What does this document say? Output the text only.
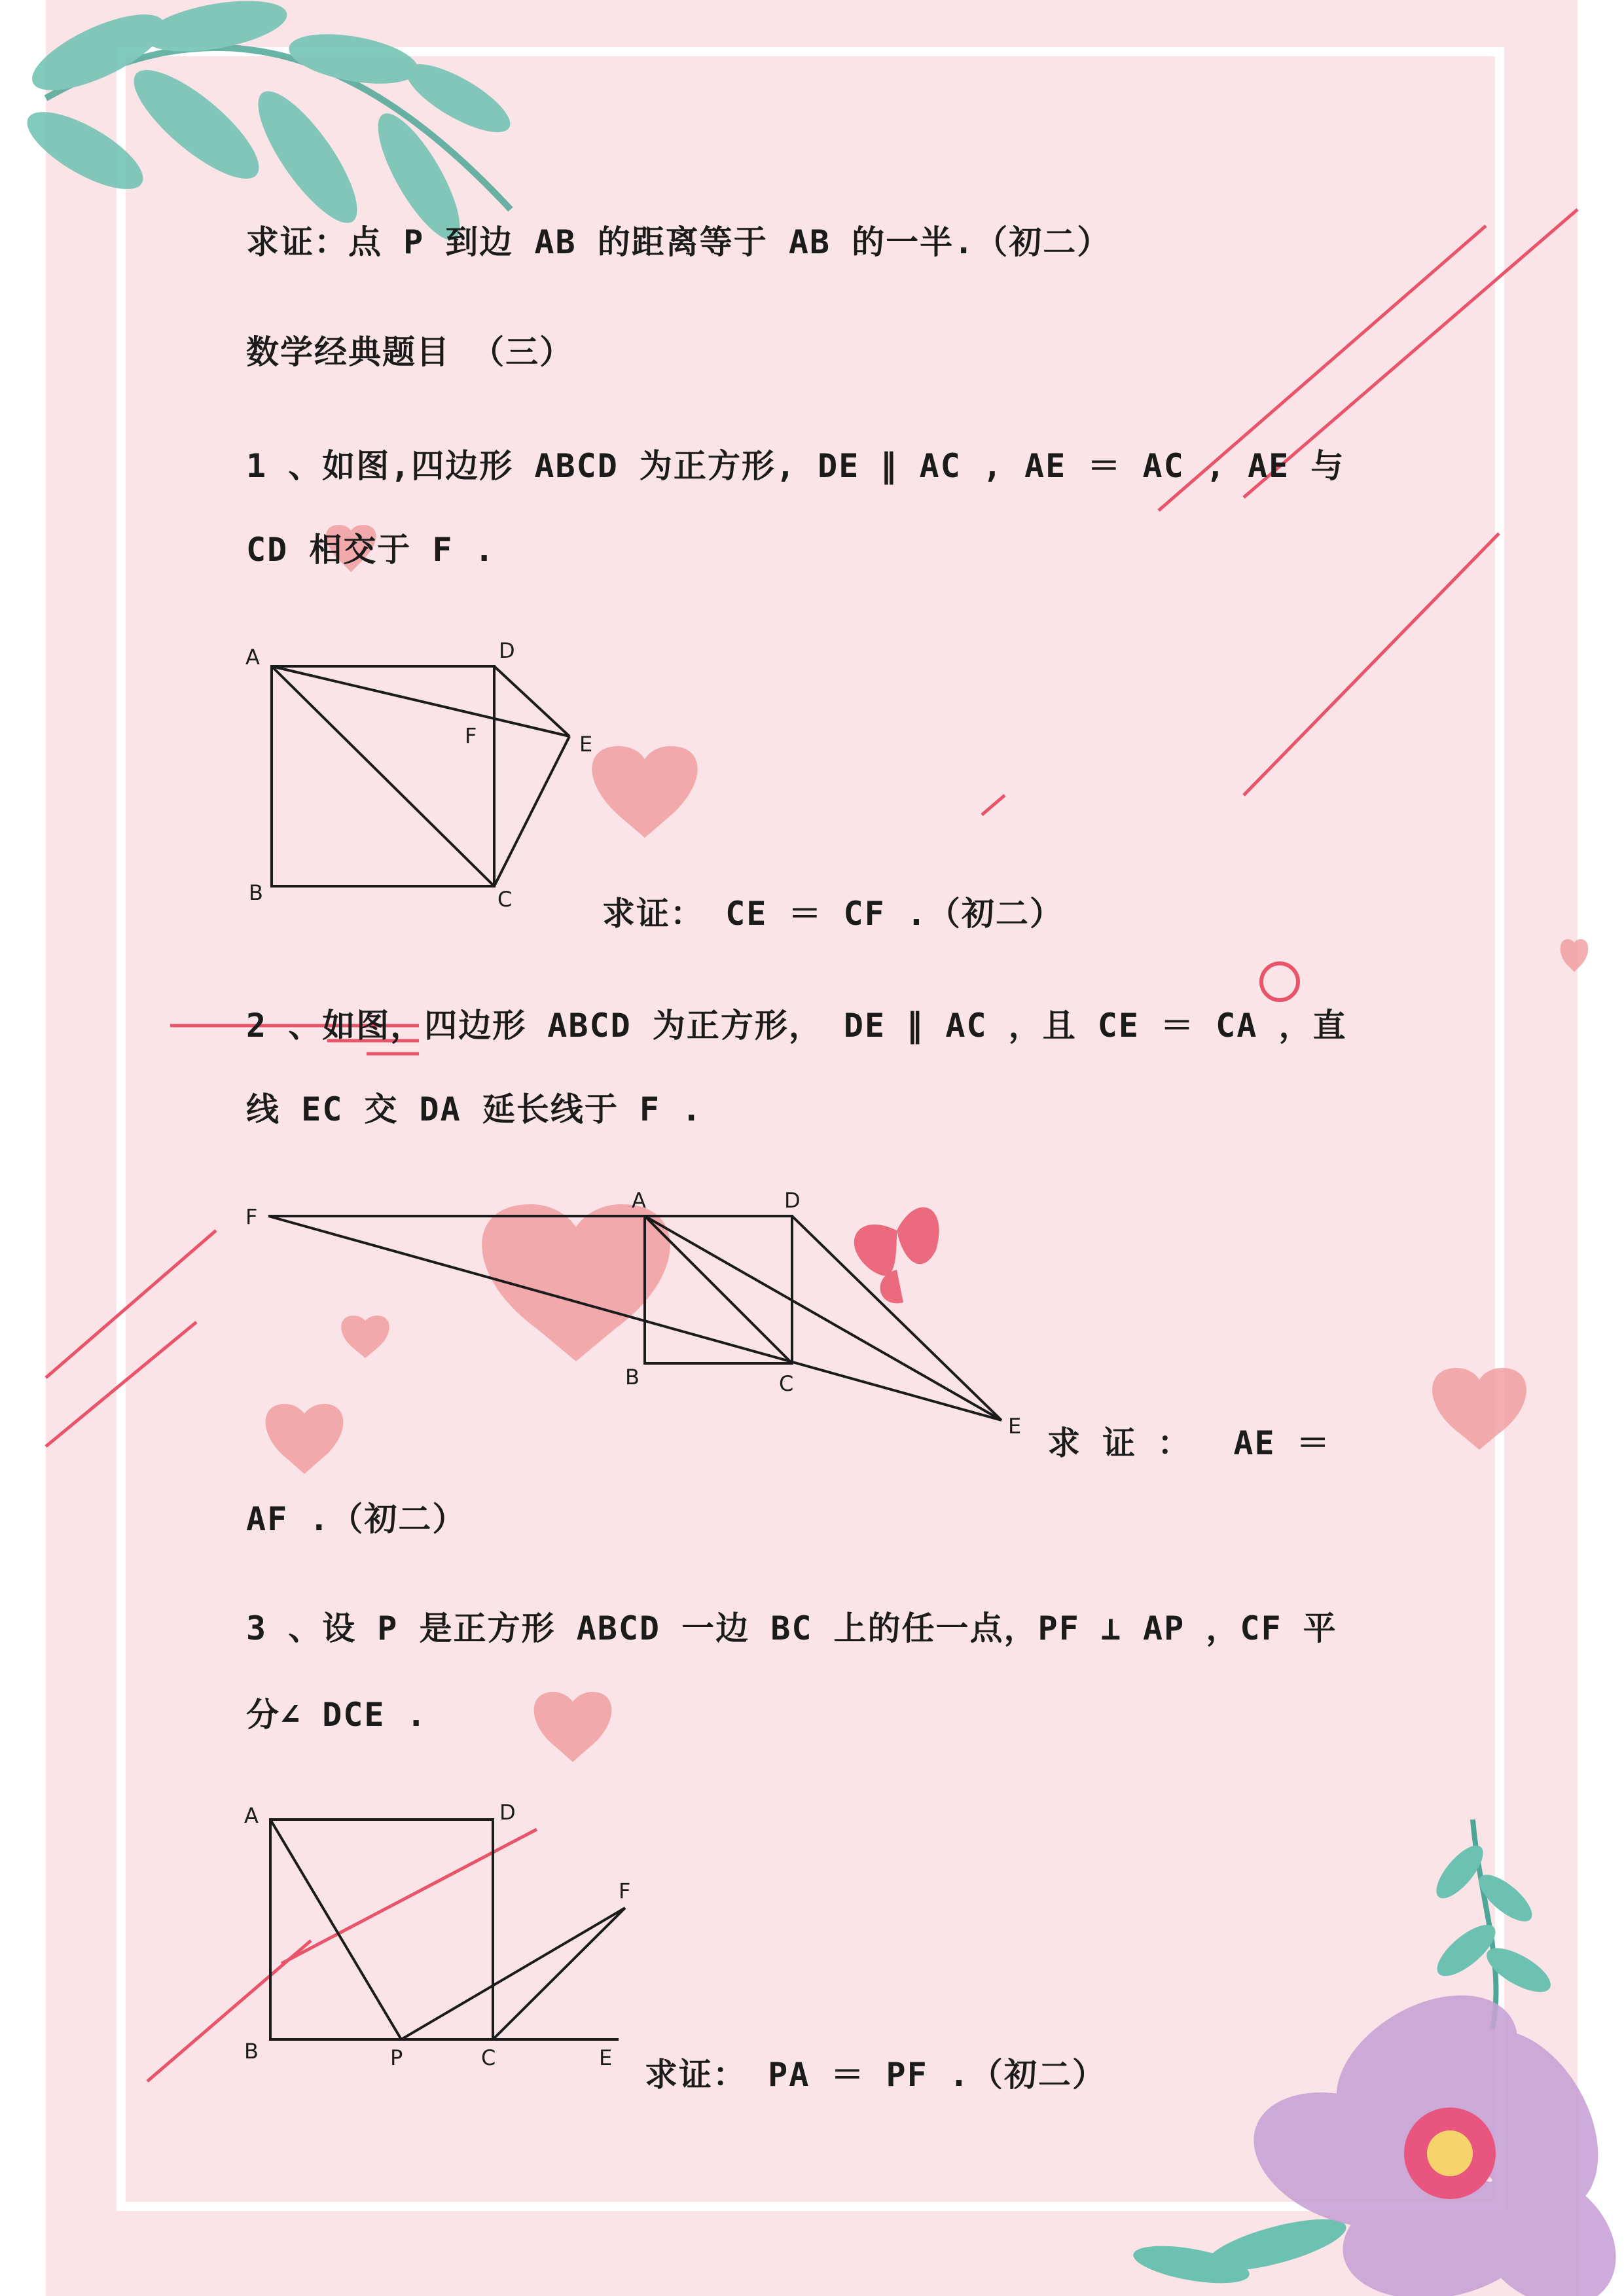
求证：点 P 到边 AB 的距离等于 AB 的一半.（初二）
数学经典题目 （三）
1 、如图,四边形 ABCD 为正方形, DE ∥ AC , AE ＝ AC , AE 与
CD 相交于 F .
求证： CE ＝ CF .（初二）
2 、如图，四边形 ABCD 为正方形， DE ∥ AC ，且 CE ＝ CA ，直
线 EC 交 DA 延长线于 F .
求 证 ：  AE ＝
AF .（初二）
3 、设 P 是正方形 ABCD 一边 BC 上的任一点，PF ⊥ AP ，CF 平
分∠ DCE .
求证： PA ＝ PF .（初二）
A	D
F	E
B	C
F
A	D
B	C
E
A	D
F
B	P	C	E
